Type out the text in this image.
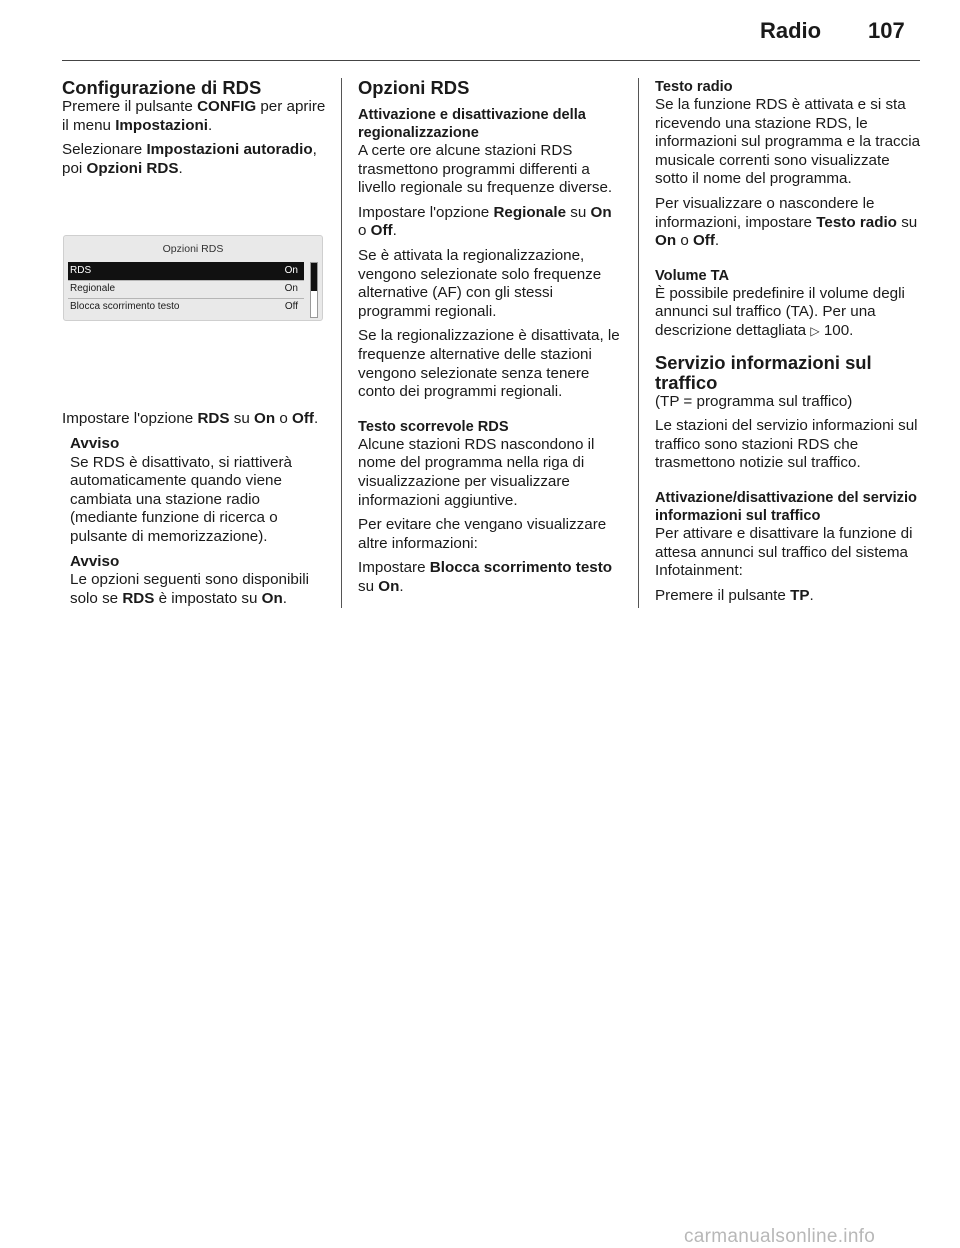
Radio 107
Configurazione di RDS

Premere il pulsante CONFIG per aprire il menu Impostazioni.

Selezionare Impostazioni autoradio, poi Opzioni RDS.

Opzioni RDS
RDS	On
Regionale	On
Blocca scorrimento testo	Off

Impostare l'opzione RDS su On o Off.

Avviso

Se RDS è disattivato, si riattiverà automaticamente quando viene cambiata una stazione radio (mediante funzione di ricerca o pulsante di memorizzazione).

Avviso

Le opzioni seguenti sono disponibili solo se RDS è impostato su On.

Opzioni RDS
Attivazione e disattivazione della regionalizzazione

A certe ore alcune stazioni RDS trasmettono programmi differenti a livello regionale su frequenze diverse.

Impostare l'opzione Regionale su On o Off.

Se è attivata la regionalizzazione, vengono selezionate solo frequenze alternative (AF) con gli stessi programmi regionali.

Se la regionalizzazione è disattivata, le frequenze alternative delle stazioni vengono selezionate senza tenere conto dei programmi regionali.

Testo scorrevole RDS

Alcune stazioni RDS nascondono il nome del programma nella riga di visualizzazione per visualizzare informazioni aggiuntive.

Per evitare che vengano visualizzare altre informazioni:

Impostare Blocca scorrimento testo su On.

Testo radio

Se la funzione RDS è attivata e si sta ricevendo una stazione RDS, le informazioni sul programma e la traccia musicale correnti sono visualizzate sotto il nome del programma.

Per visualizzare o nascondere le informazioni, impostare Testo radio su On o Off.

Volume TA

È possibile predefinire il volume degli annunci sul traffico (TA). Per una descrizione dettagliata ▷ 100.

Servizio informazioni sul traffico

(TP = programma sul traffico)

Le stazioni del servizio informazioni sul traffico sono stazioni RDS che trasmettono notizie sul traffico.

Attivazione/disattivazione del servizio informazioni sul traffico

Per attivare e disattivare la funzione di attesa annunci sul traffico del sistema Infotainment:

Premere il pulsante TP.

carmanualsonline.info
